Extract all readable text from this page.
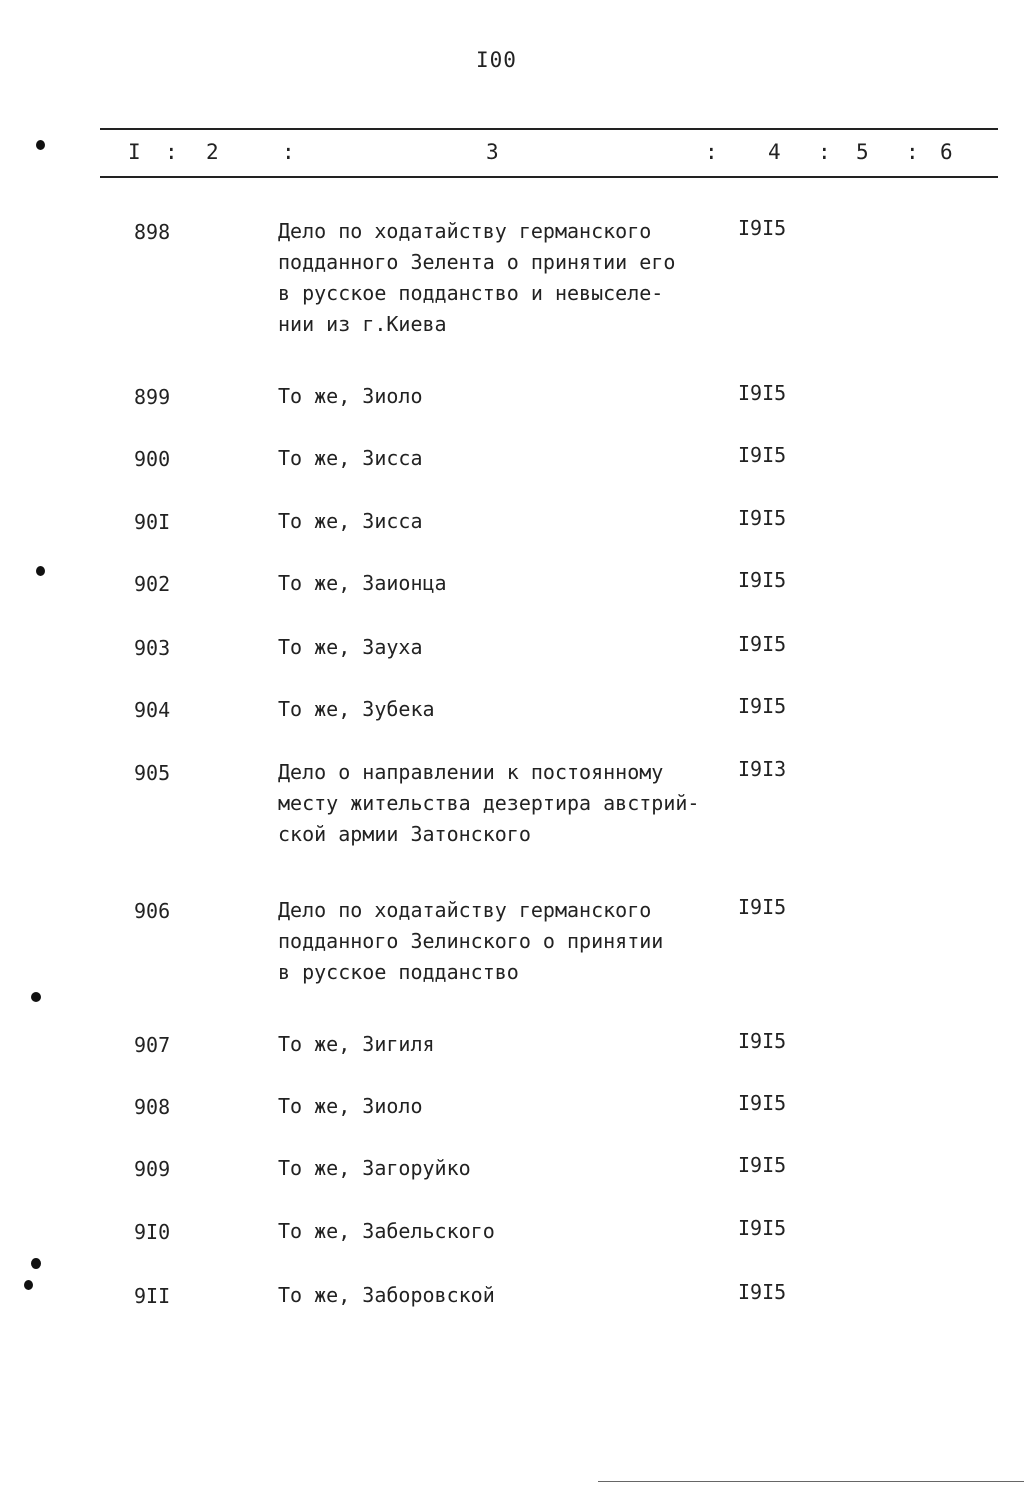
I00
I : 2	:	3	: 4 : 5 : 6
898	Дело по ходатайству германского
подданного Зелента о принятии его
в русское подданство и невыселе-
нии из г.Киева
I9I5
899	То же, Зиоло	I9I5
900	То же, Зисса	I9I5
90I	То же, Зисса	I9I5
902	То же, Заионца	I9I5
903	То же, Зауха	I9I5
904	То же, Зубека	I9I5
905	Дело о направлении к постоянному
месту жительства дезертира австрий-
ской армии Затонского
I9I3
906	Дело по ходатайству германского
подданного Зелинского о принятии
в русское подданство
I9I5
907	То же, Зигиля	I9I5
908	То же, Зиоло	I9I5
909	То же, Загоруйко	I9I5
9I0	То же, Забельского	I9I5
9II	То же, Заборовской	I9I5
